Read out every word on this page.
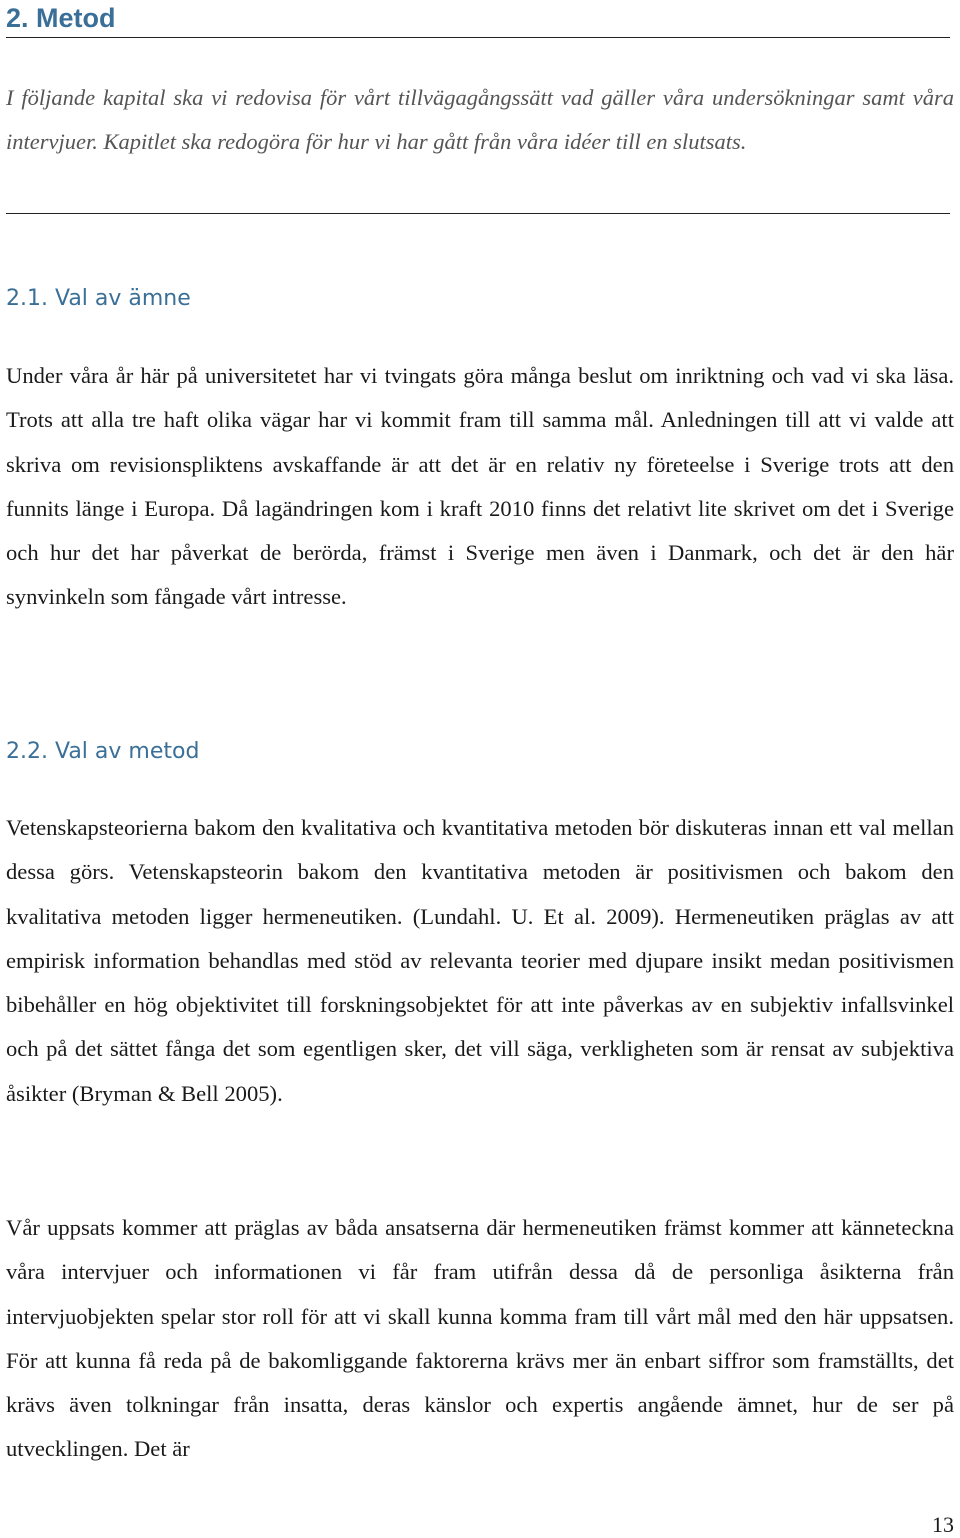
2. Metod

I följande kapital ska vi redovisa för vårt tillvägagångssätt vad gäller våra undersökningar samt våra intervjuer. Kapitlet ska redogöra för hur vi har gått från våra idéer till en slutsats.

2.1. Val av ämne

Under våra år här på universitetet har vi tvingats göra många beslut om inriktning och vad vi ska läsa. Trots att alla tre haft olika vägar har vi kommit fram till samma mål. Anledningen till att vi valde att skriva om revisionspliktens avskaffande är att det är en relativ ny företeelse i Sverige trots att den funnits länge i Europa. Då lagändringen kom i kraft 2010 finns det relativt lite skrivet om det i Sverige och hur det har påverkat de berörda, främst i Sverige men även i Danmark, och det är den här synvinkeln som fångade vårt intresse.

2.2. Val av metod

Vetenskapsteorierna bakom den kvalitativa och kvantitativa metoden bör diskuteras innan ett val mellan dessa görs. Vetenskapsteorin bakom den kvantitativa metoden är positivismen och bakom den kvalitativa metoden ligger hermeneutiken. (Lundahl. U. Et al. 2009). Hermeneutiken präglas av att empirisk information behandlas med stöd av relevanta teorier med djupare insikt medan positivismen bibehåller en hög objektivitet till forskningsobjektet för att inte påverkas av en subjektiv infallsvinkel och på det sättet fånga det som egentligen sker, det vill säga, verkligheten som är rensat av subjektiva åsikter (Bryman & Bell 2005).

Vår uppsats kommer att präglas av båda ansatserna där hermeneutiken främst kommer att känneteckna våra intervjuer och informationen vi får fram utifrån dessa då de personliga åsikterna från intervjuobjekten spelar stor roll för att vi skall kunna komma fram till vårt mål med den här uppsatsen. För att kunna få reda på de bakomliggande faktorerna krävs mer än enbart siffror som framställts, det krävs även tolkningar från insatta, deras känslor och expertis angående ämnet, hur de ser på utvecklingen. Det är

13
